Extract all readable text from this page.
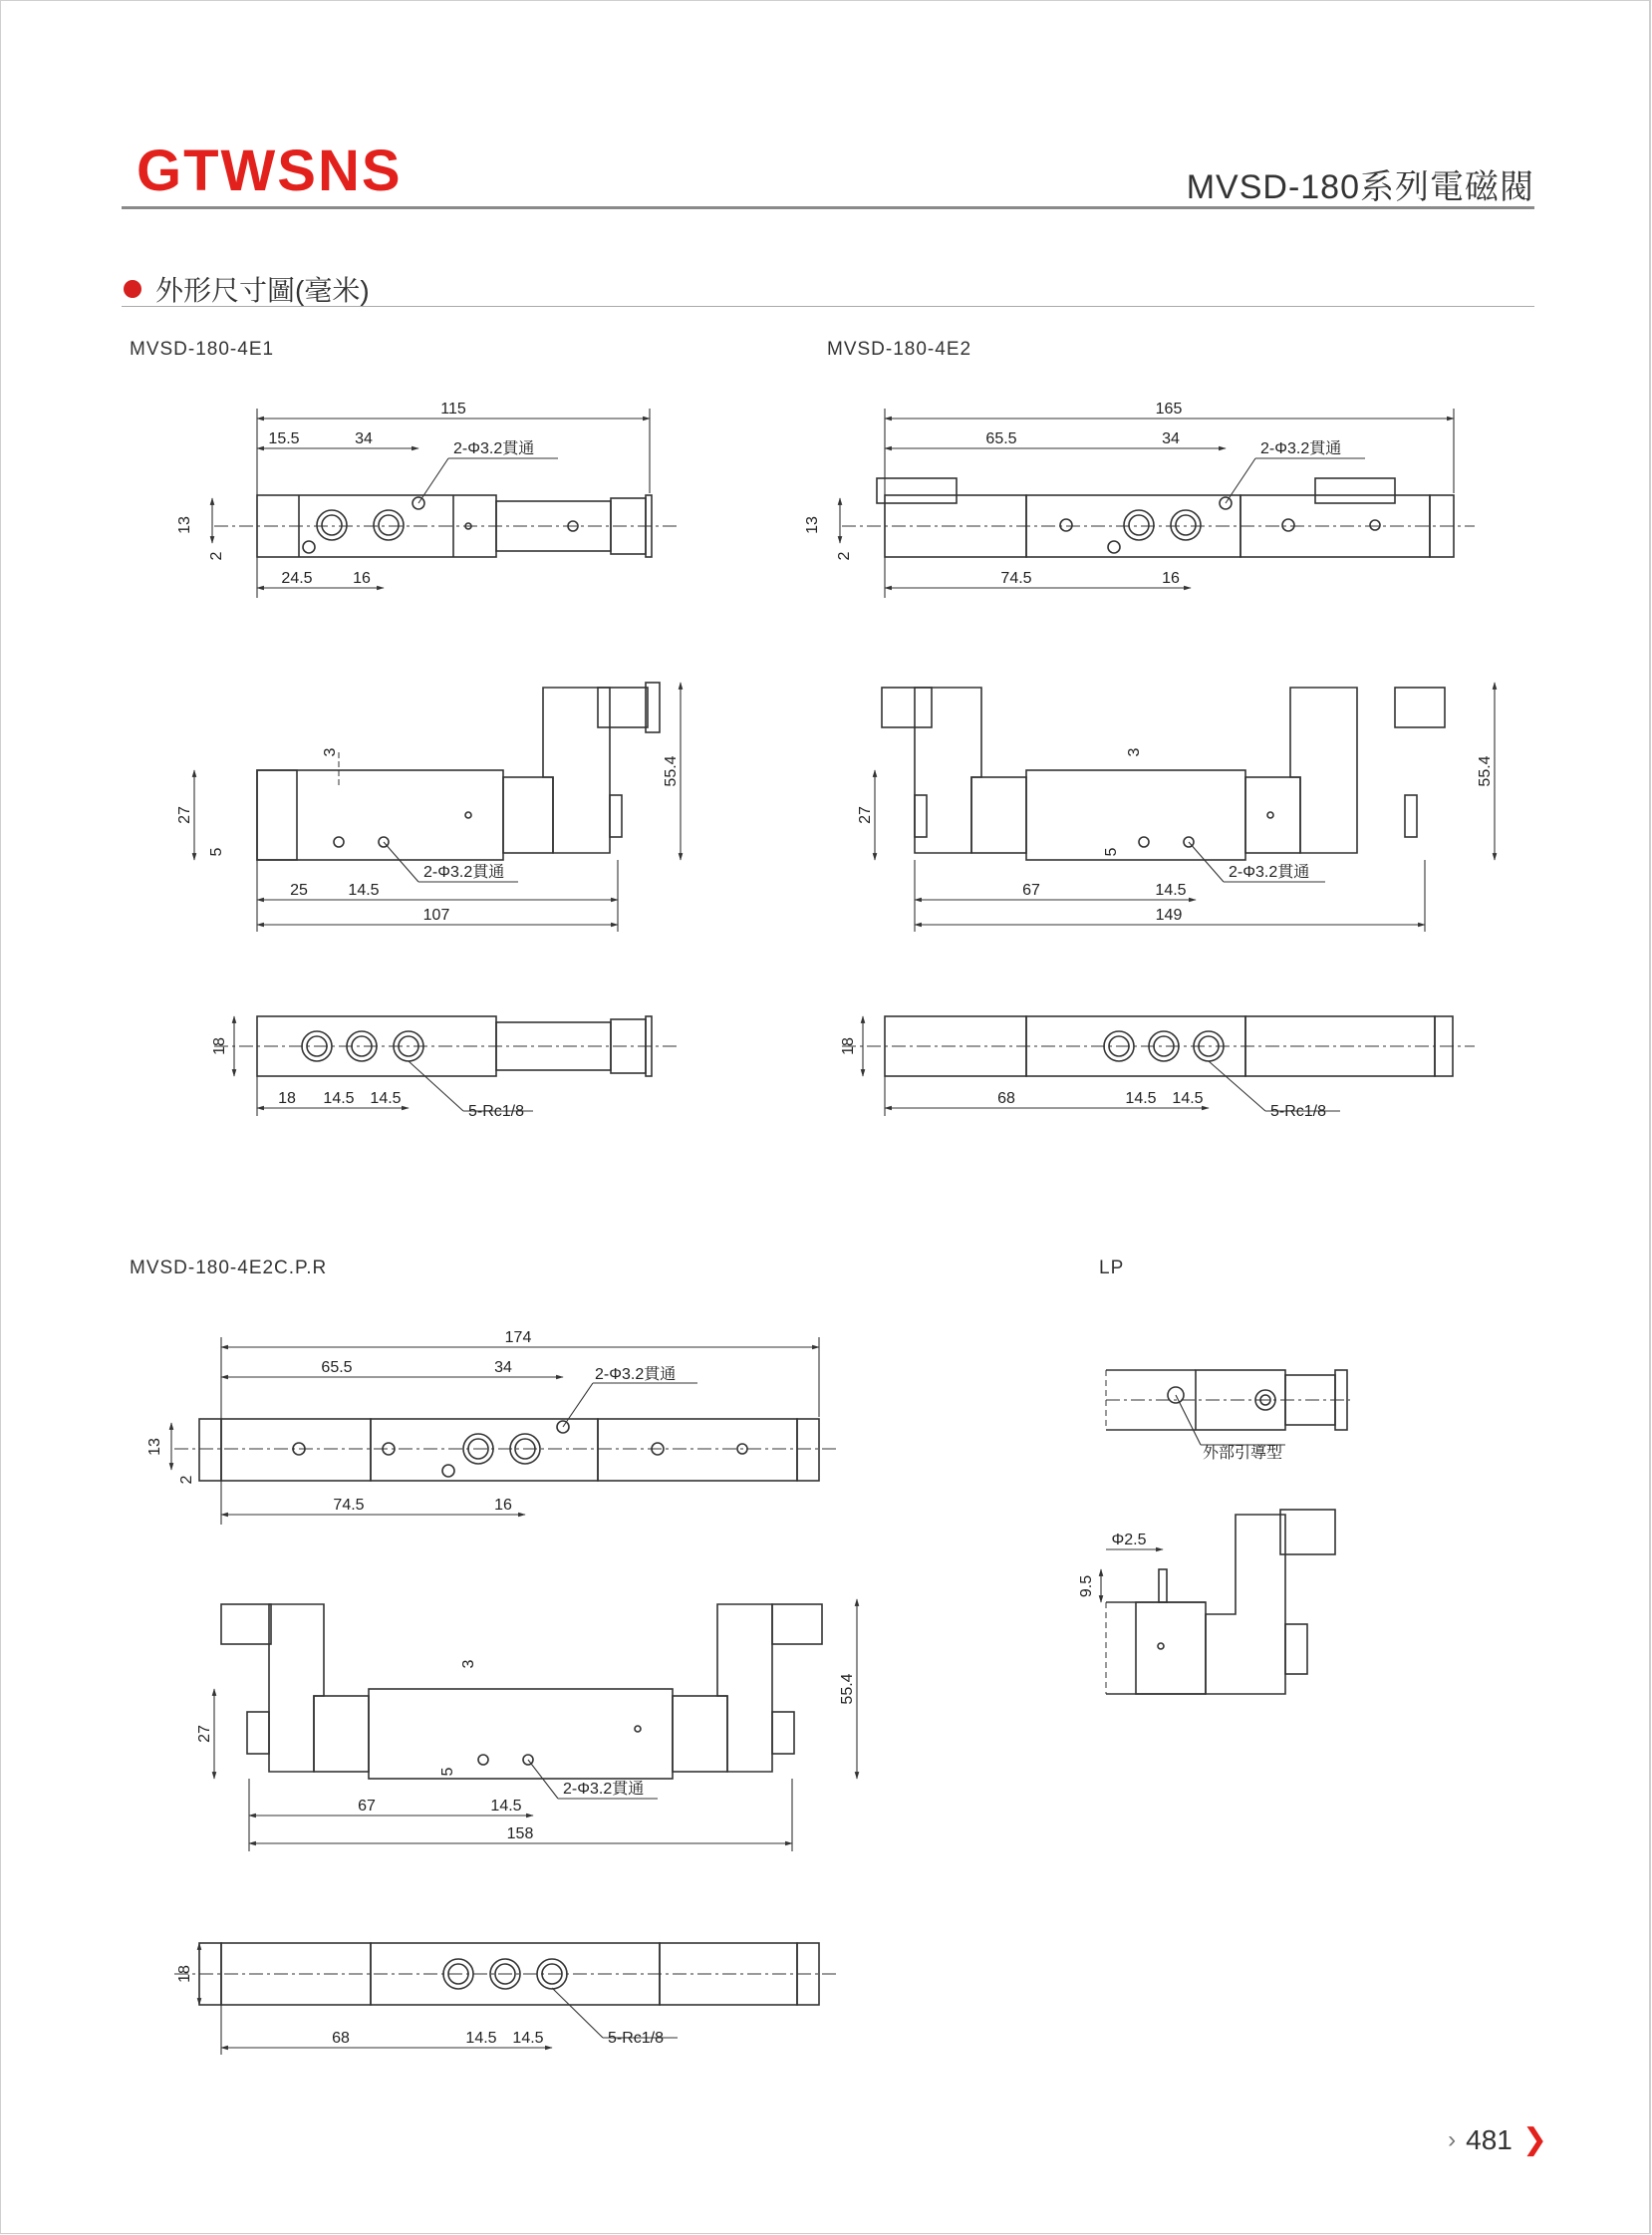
GTWSNS	MVSD-180系列電磁閥
外形尺寸圖(毫米)
MVSD-180-4E1	MVSD-180-4E2
MVSD-180-4E2C.P.R	LP
115
15.5	34
2-Φ3.2貫通
13
2
24.5	16
3
27
5
55.4
25	14.5
2-Φ3.2貫通
107
18
18 14.5 14.5
5-Rc1/8
165
65.5	34
2-Φ3.2貫通
13
2
74.5	16
3
27
5
55.4
67	14.5
2-Φ3.2貫通
149
18
68	14.5 14.5
5-Rc1/8
174
65.5	34	2-Φ3.2貫通
13
2
74.5	16
3
27
5
55.4
67	14.5
2-Φ3.2貫通
158
18
68	14.5 14.5	5-Rc1/8
外部引導型
Φ2.5
9.5
› 481 ❯
